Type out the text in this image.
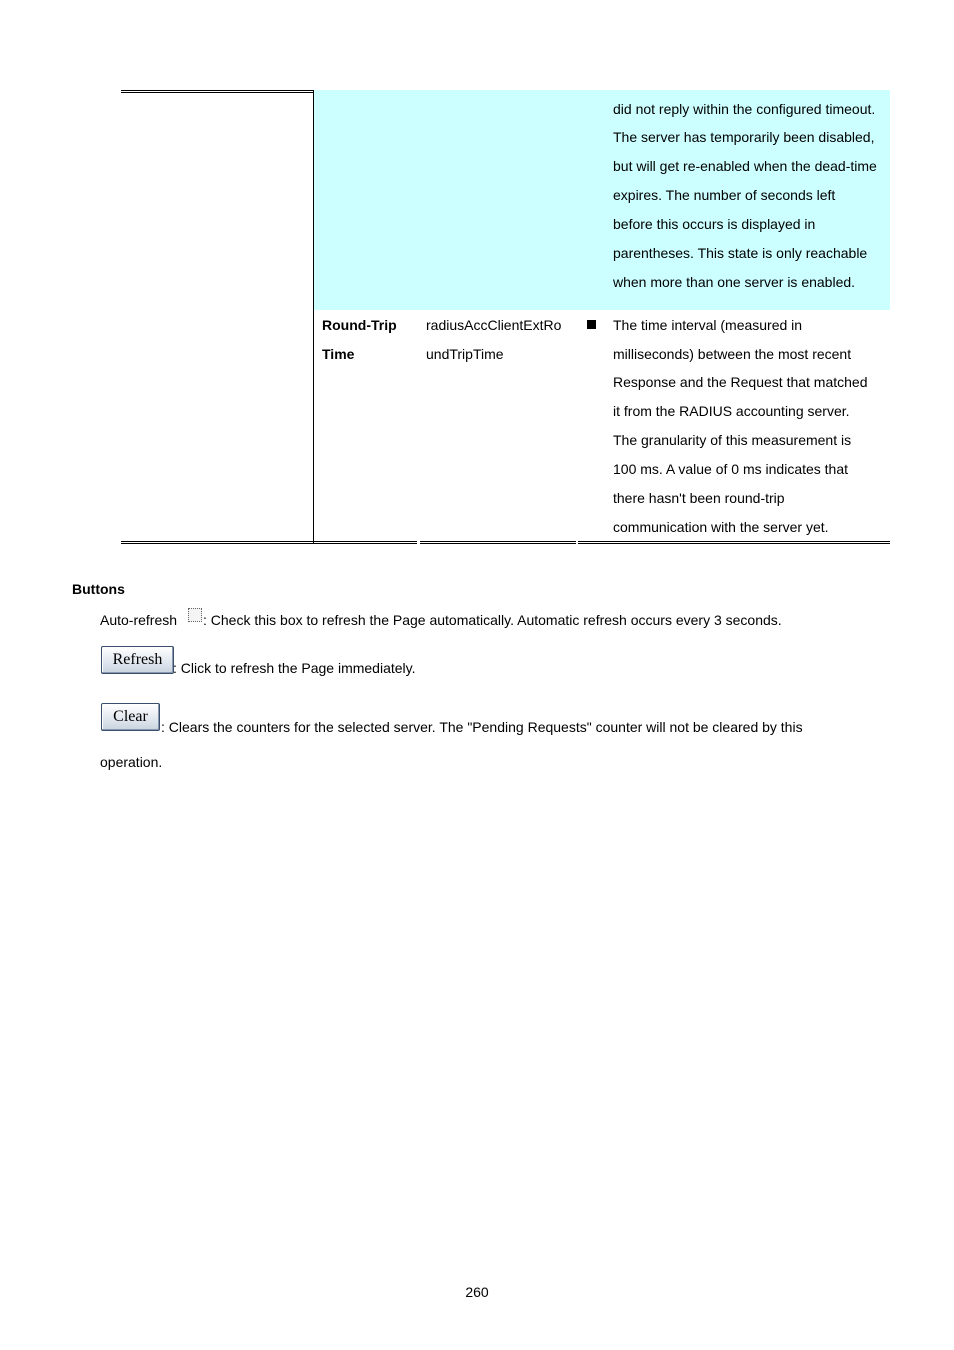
did not reply within the configured timeout.
The server has temporarily been disabled,
but will get re-enabled when the dead-time
expires. The number of seconds left
before this occurs is displayed in
parentheses. This state is only reachable
when more than one server is enabled.
Round-Trip
Time
radiusAccClientExtRo
undTripTime
The time interval (measured in
milliseconds) between the most recent
Response and the Request that matched
it from the RADIUS accounting server.
The granularity of this measurement is
100 ms. A value of 0 ms indicates that
there hasn't been round-trip
communication with the server yet.
Buttons
Auto-refresh : Check this box to refresh the Page automatically. Automatic refresh occurs every 3 seconds.
Refresh : Click to refresh the Page immediately.
Clear
: Clears the counters for the selected server. The "Pending Requests" counter will not be cleared by this
operation.
260
